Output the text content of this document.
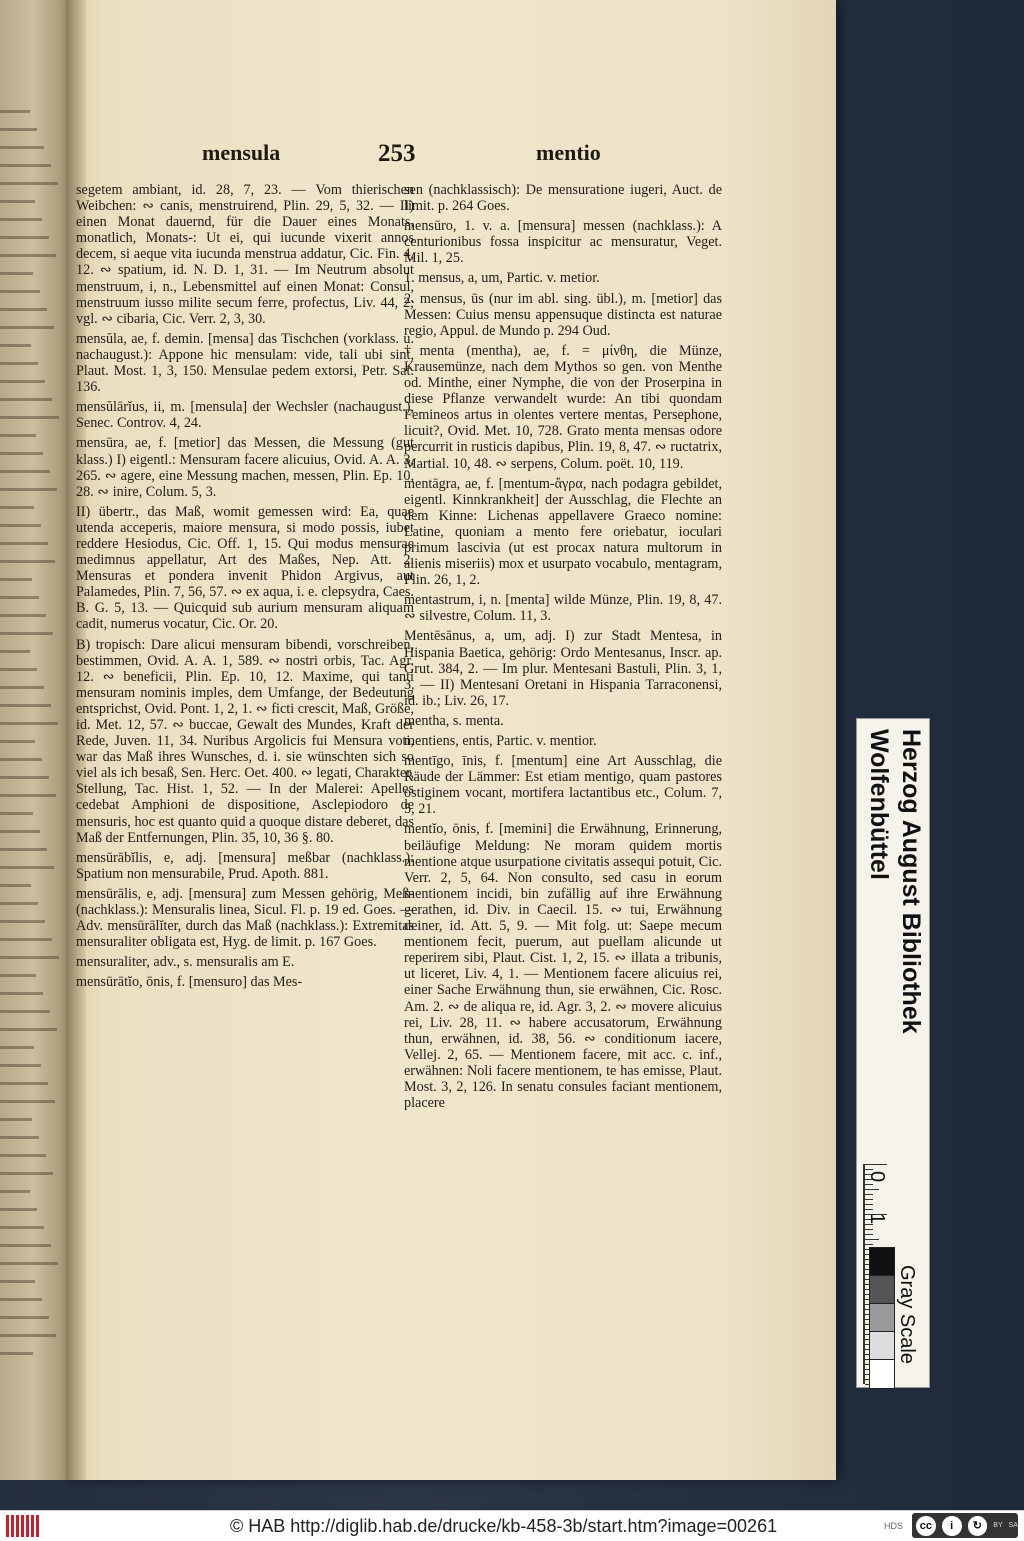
mensula	253	mentio

segetem ambiant, id. 28, 7, 23. — Vom thierischen Weibchen: ∾ canis, menstruirend, Plin. 29, 5, 32. — II) einen Monat dauernd, für die Dauer eines Monats, monatlich, Monats-: Ut ei, qui iucunde vixerit annos decem, si aeque vita iucunda menstrua addatur, Cic. Fin. 4, 12. ∾ spatium, id. N. D. 1, 31. — Im Neutrum absolut menstruum, i, n., Lebensmittel auf einen Monat: Consul, menstruum iusso milite secum ferre, profectus, Liv. 44, 2; vgl. ∾ cibaria, Cic. Verr. 2, 3, 30.

mensŭla, ae, f. demin. [mensa] das Tischchen (vorklass. u. nachaugust.): Appone hic mensulam: vide, tali ubi sint, Plaut. Most. 1, 3, 150. Mensulae pedem extorsi, Petr. Sat. 136.

mensŭlārĭus, ii, m. [mensula] der Wechsler (nachaugust.), Senec. Controv. 4, 24.

mensūra, ae, f. [metior] das Messen, die Messung (gut klass.) I) eigentl.: Mensuram facere alicuius, Ovid. A. A. 3, 265. ∾ agere, eine Messung machen, messen, Plin. Ep. 10, 28. ∾ inire, Colum. 5, 3.

II) übertr., das Maß, womit gemessen wird: Ea, quae utenda acceperis, maiore mensura, si modo possis, iubet reddere Hesiodus, Cic. Off. 1, 15. Qui modus mensurae medimnus appellatur, Art des Maßes, Nep. Att. 2. Mensuras et pondera invenit Phidon Argivus, aut Palamedes, Plin. 7, 56, 57. ∾ ex aqua, i. e. clepsydra, Caes. B. G. 5, 13. — Quicquid sub aurium mensuram aliquam cadit, numerus vocatur, Cic. Or. 20.

B) tropisch: Dare alicui mensuram bibendi, vorschreiben, bestimmen, Ovid. A. A. 1, 589. ∾ nostri orbis, Tac. Agr. 12. ∾ beneficii, Plin. Ep. 10, 12. Maxime, qui tanti mensuram nominis imples, dem Umfange, der Bedeutung entsprichst, Ovid. Pont. 1, 2, 1. ∾ ficti crescit, Maß, Größe, id. Met. 12, 57. ∾ buccae, Gewalt des Mundes, Kraft der Rede, Juven. 11, 34. Nuribus Argolicis fui Mensura voti, war das Maß ihres Wunsches, d. i. sie wünschten sich so viel als ich besaß, Sen. Herc. Oet. 400. ∾ legati, Charakter, Stellung, Tac. Hist. 1, 52. — In der Malerei: Apelles cedebat Amphioni de dispositione, Asclepiodoro de mensuris, hoc est quanto quid a quoque distare deberet, das Maß der Entfernungen, Plin. 35, 10, 36 §. 80.

mensūrābĭlis, e, adj. [mensura] meßbar (nachklass.): Spatium non mensurabile, Prud. Apoth. 881.

mensūrālis, e, adj. [mensura] zum Messen gehörig, Meß- (nachklass.): Mensuralis linea, Sicul. Fl. p. 19 ed. Goes. — Adv. mensūrālĭter, durch das Maß (nachklass.): Extremitas mensuraliter obligata est, Hyg. de limit. p. 167 Goes.

mensuraliter, adv., s. mensuralis am E.

mensūrātĭo, ōnis, f. [mensuro] das Mes-

sen (nachklassisch): De mensuratione iugeri, Auct. de limit. p. 264 Goes.

mensūro, 1. v. a. [mensura] messen (nachklass.): A centurionibus fossa inspicitur ac mensuratur, Veget. Mil. 1, 25.

1. mensus, a, um, Partic. v. metior.

2. mensus, ūs (nur im abl. sing. übl.), m. [metior] das Messen: Cuius mensu appensuque distincta est naturae regio, Appul. de Mundo p. 294 Oud.

†menta (mentha), ae, f. = μίνθη, die Münze, Krausemünze, nach dem Mythos so gen. von Menthe od. Minthe, einer Nymphe, die von der Proserpina in diese Pflanze verwandelt wurde: An tibi quondam Femineos artus in olentes vertere mentas, Persephone, licuit?, Ovid. Met. 10, 728. Grato menta mensas odore percurrit in rusticis dapibus, Plin. 19, 8, 47. ∾ ructatrix, Martial. 10, 48. ∾ serpens, Colum. poët. 10, 119.

mentāgra, ae, f. [mentum-ἄγρα, nach podagra gebildet, eigentl. Kinnkrankheit] der Ausschlag, die Flechte an dem Kinne: Lichenas appellavere Graeco nomine: Latine, quoniam a mento fere oriebatur, ioculari primum lascivia (ut est procax natura multorum in alienis miseriis) mox et usurpato vocabulo, mentagram, Plin. 26, 1, 2.

mentastrum, i, n. [menta] wilde Münze, Plin. 19, 8, 47. ∾ silvestre, Colum. 11, 3.

Mentēsānus, a, um, adj. I) zur Stadt Mentesa, in Hispania Baetica, gehörig: Ordo Mentesanus, Inscr. ap. Grut. 384, 2. — Im plur. Mentesani Bastuli, Plin. 3, 1, 3. — II) Mentesani Oretani in Hispania Tarraconensi, id. ib.; Liv. 26, 17.

mentha, s. menta.

mentiens, entis, Partic. v. mentior.

mentīgo, īnis, f. [mentum] eine Art Ausschlag, die Räude der Lämmer: Est etiam mentigo, quam pastores ostiginem vocant, mortifera lactantibus etc., Colum. 7, 5, 21.

mentĭo, ōnis, f. [memini] die Erwähnung, Erinnerung, beiläufige Meldung: Ne moram quidem mortis mentione atque usurpatione civitatis assequi potuit, Cic. Verr. 2, 5, 64. Non consulto, sed casu in eorum mentionem incidi, bin zufällig auf ihre Erwähnung gerathen, id. Div. in Caecil. 15. ∾ tui, Erwähnung deiner, id. Att. 5, 9. — Mit folg. ut: Saepe mecum mentionem fecit, puerum, aut puellam alicunde ut reperirem sibi, Plaut. Cist. 1, 2, 15. ∾ illata a tribunis, ut liceret, Liv. 4, 1. — Mentionem facere alicuius rei, einer Sache Erwähnung thun, sie erwähnen, Cic. Rosc. Am. 2. ∾ de aliqua re, id. Agr. 3, 2. ∾ movere alicuius rei, Liv. 28, 11. ∾ habere accusatorum, Erwähnung thun, erwähnen, id. 38, 56. ∾ conditionum iacere, Vellej. 2, 65. — Mentionem facere, mit acc. c. inf., erwähnen: Noli facere mentionem, te has emisse, Plaut. Most. 3, 2, 126. In senatu consules faciant mentionem, placere

Herzog August Bibliothek
Wolfenbüttel
0
1
Gray Scale
© HAB http://diglib.hab.de/drucke/kb-458-3b/start.htm?image=00261	HDS	cc	i	↻	BY SA
